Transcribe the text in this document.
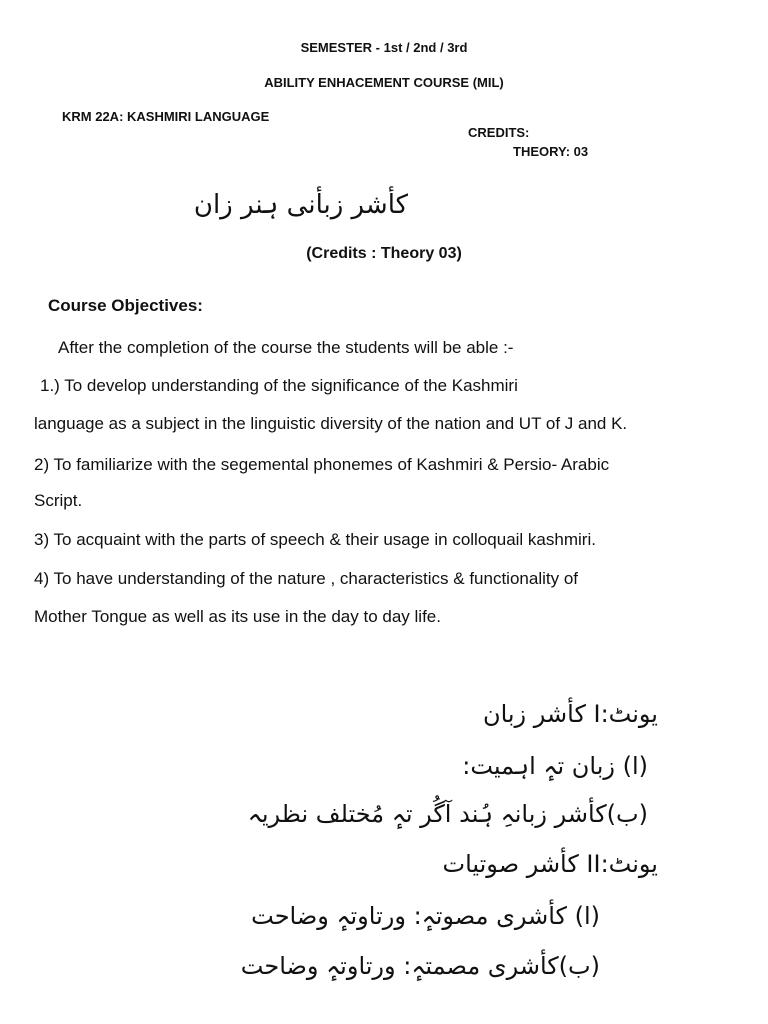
SEMESTER - 1st / 2nd / 3rd
ABILITY ENHACEMENT COURSE (MIL)
KRM 22A: KASHMIRI LANGUAGE
CREDITS:
THEORY: 03
کأشر زبأنی ہنر زان
(Credits : Theory 03)
Course Objectives:
After the completion of the course the students will be able :-
1.) To develop understanding of the significance of the Kashmiri
language as a subject in the linguistic diversity of the nation and UT of J and K.
2) To familiarize with the segemental phonemes of Kashmiri & Persio- Arabic
Script.
3) To acquaint with the parts of speech & their usage in colloquail kashmiri.
4) To have understanding of the nature , characteristics & functionality of
Mother Tongue as well as its use in the day to day life.
یونٹ:I کأشر زبان
(ا) زبان تہٕ اہمیت:
(ب)کأشر زبانہِ ہُند آگُر تہٕ مُختلف نظریہ
یونٹ:II کأشر صوتیات
(ا) کأشری مصوتہٕ: ورتاوتہٕ وضاحت
(ب)کأشری مصمتہٕ: ورتاوتہٕ وضاحت
